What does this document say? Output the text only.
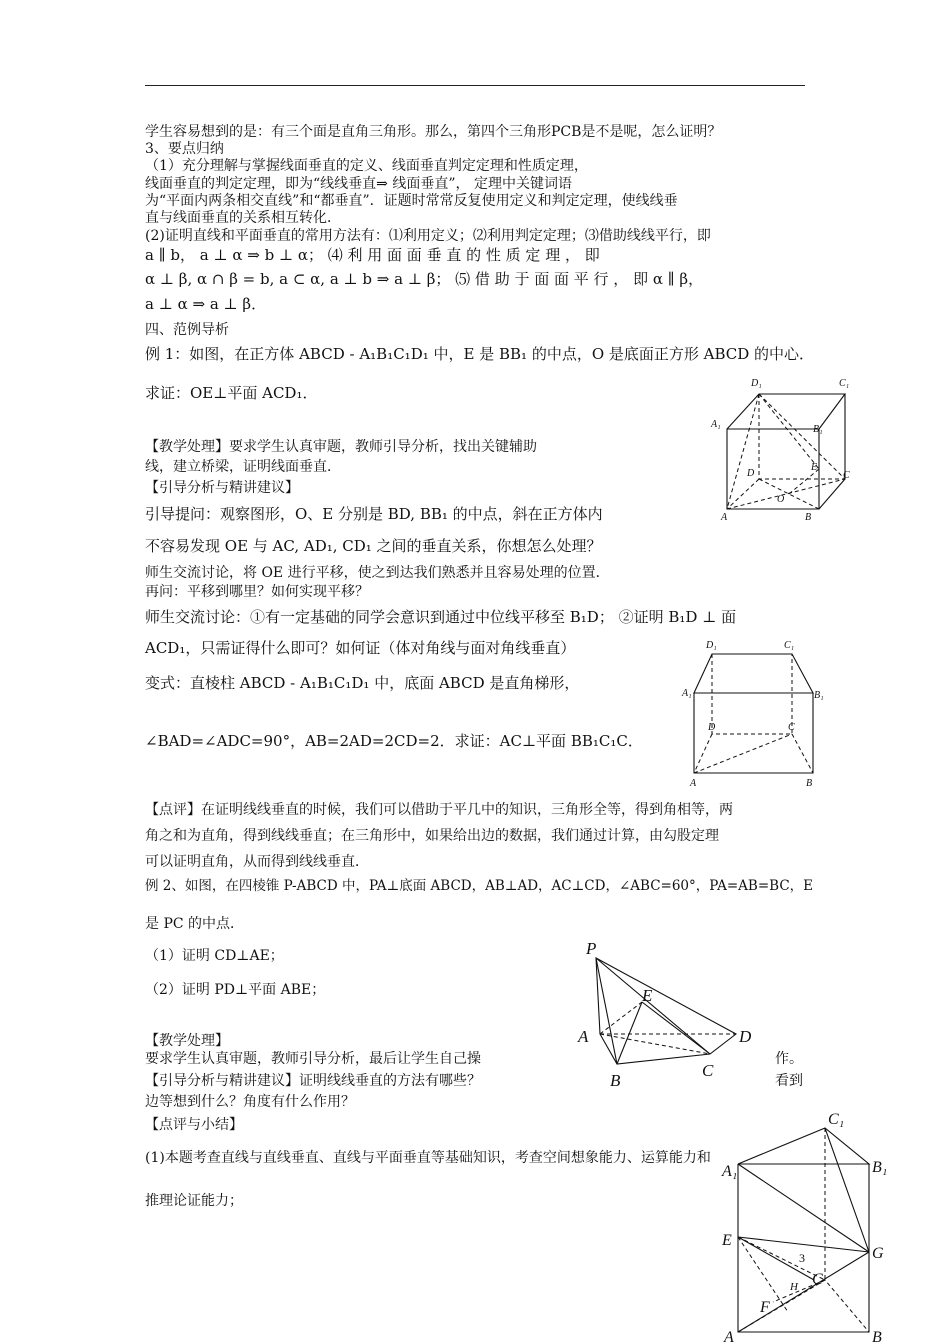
学生容易想到的是：有三个面是直角三角形。那么，第四个三角形PCB是不是呢，怎么证明？
3、要点归纳
（1）充分理解与掌握线面垂直的定义、线面垂直判定定理和性质定理，
线面垂直的判定定理，即为“线线垂直⇒ 线面垂直”， 定理中关键词语
为“平面内两条相交直线”和“都垂直”．证题时常常反复使用定义和判定定理，使线线垂
直与线面垂直的关系相互转化．
(2)证明直线和平面垂直的常用方法有：⑴利用定义；⑵利用判定定理；⑶借助线线平行，即
a ∥ b， a ⊥ α ⇒ b ⊥ α； ⑷ 利 用 面 面 垂 直 的 性 质 定 理 ， 即
α ⊥ β, α ∩ β = b, a ⊂ α, a ⊥ b ⇒ a ⊥ β； ⑸ 借 助 于 面 面 平 行 ， 即 α ∥ β，
a ⊥ α ⇒ a ⊥ β．
四、范例导析
例 1：如图，在正方体 ABCD - A₁B₁C₁D₁ 中，E 是 BB₁ 的中点，O 是底面正方形 ABCD 的中心．
求证：OE⊥平面 ACD₁．
【教学处理】要求学生认真审题，教师引导分析，找出关键辅助
线，建立桥梁，证明线面垂直．
【引导分析与精讲建议】
引导提问：观察图形，O、E 分别是 BD, BB₁ 的中点，斜在正方体内
不容易发现 OE 与 AC, AD₁, CD₁ 之间的垂直关系，你想怎么处理？
师生交流讨论，将 OE 进行平移，使之到达我们熟悉并且容易处理的位置．
再问：平移到哪里？如何实现平移？
师生交流讨论：①有一定基础的同学会意识到通过中位线平移至 B₁D； ②证明 B₁D ⊥ 面
ACD₁，只需证得什么即可？如何证（体对角线与面对角线垂直）
变式：直棱柱 ABCD - A₁B₁C₁D₁ 中，底面 ABCD 是直角梯形，
∠BAD=∠ADC=90°，AB=2AD=2CD=2．求证：AC⊥平面 BB₁C₁C．
【点评】在证明线线垂直的时候，我们可以借助于平几中的知识，三角形全等，得到角相等，两
角之和为直角，得到线线垂直；在三角形中，如果给出边的数据，我们通过计算，由勾股定理
可以证明直角，从而得到线线垂直．
例 2、如图，在四棱锥 P-ABCD 中，PA⊥底面 ABCD，AB⊥AD，AC⊥CD，∠ABC=60°，PA=AB=BC，E
是 PC 的中点．
（1）证明 CD⊥AE；
（2）证明 PD⊥平面 ABE；
【教学处理】
要求学生认真审题，教师引导分析，最后让学生自己操	作。
【引导分析与精讲建议】证明线线垂直的方法有哪些？	看到
边等想到什么？角度有什么作用？
【点评与小结】
(1)本题考查直线与直线垂直、直线与平面垂直等基础知识，考查空间想象能力、运算能力和
推理论证能力；
D₁	C₁
A₁	B₁
D
E
C
O
A	B
D₁	C₁
A₁	B₁
D	C
A	B
P
E
A	D
B
C
C₁
A₁	B₁
E
3	G
H C
F
A	B
